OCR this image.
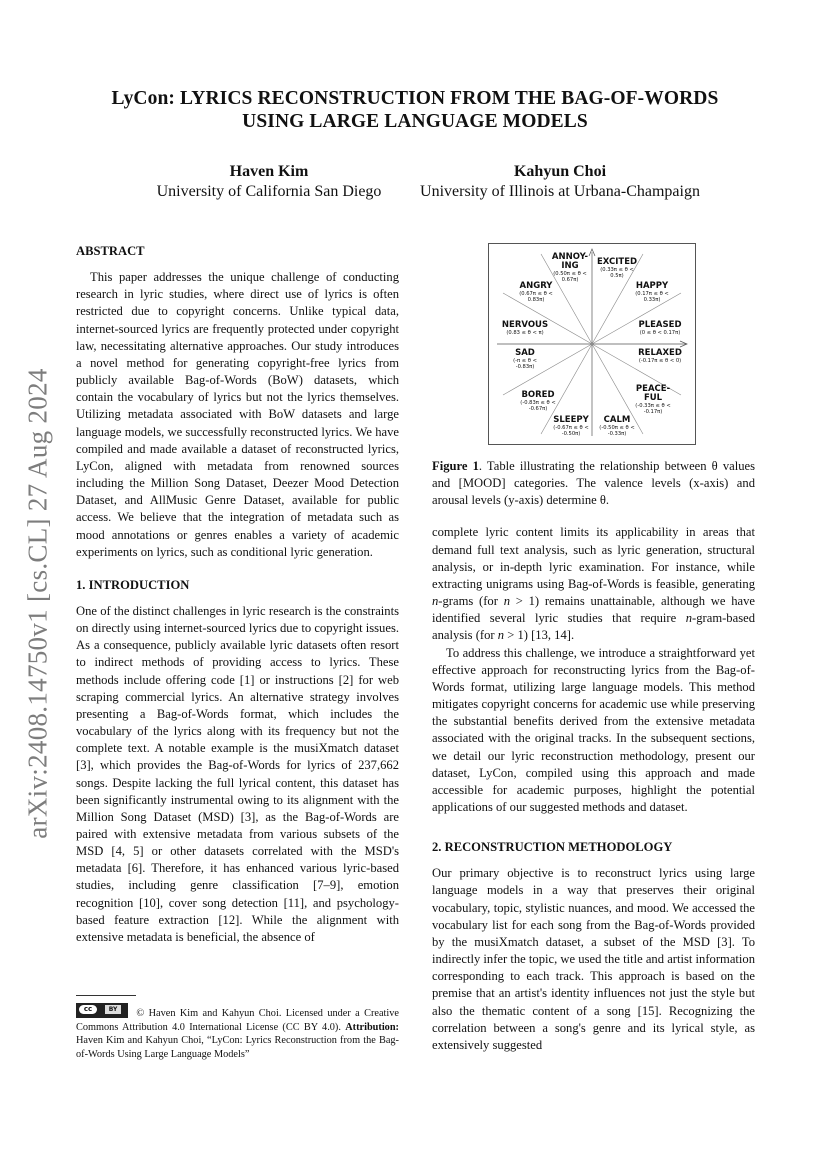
arXiv:2408.14750v1 [cs.CL] 27 Aug 2024
LyCon: LYRICS RECONSTRUCTION FROM THE BAG-OF-WORDS
USING LARGE LANGUAGE MODELS
Haven Kim
University of California San Diego
Kahyun Choi
University of Illinois at Urbana-Champaign

ABSTRACT

This paper addresses the unique challenge of conducting research in lyric studies, where direct use of lyrics is often restricted due to copyright concerns. Unlike typical data, internet-sourced lyrics are frequently protected under copyright law, necessitating alternative approaches. Our study introduces a novel method for generating copyright-free lyrics from publicly available Bag-of-Words (BoW) datasets, which contain the vocabulary of lyrics but not the lyrics themselves. Utilizing metadata associated with BoW datasets and large language models, we successfully reconstructed lyrics. We have compiled and made available a dataset of reconstructed lyrics, LyCon, aligned with metadata from renowned sources including the Million Song Dataset, Deezer Mood Detection Dataset, and AllMusic Genre Dataset, available for public access. We believe that the integration of metadata such as mood annotations or genres enables a variety of academic experiments on lyrics, such as conditional lyric generation.

1. INTRODUCTION

One of the distinct challenges in lyric research is the constraints on directly using internet-sourced lyrics due to copyright issues. As a consequence, publicly available lyric datasets often resort to indirect methods of providing access to lyrics. These methods include offering code [1] or instructions [2] for web scraping commercial lyrics. An alternative strategy involves presenting a Bag-of-Words format, which includes the vocabulary of the lyrics along with its frequency but not the complete text. A notable example is the musiXmatch dataset [3], which provides the Bag-of-Words for lyrics of 237,662 songs. Despite lacking the full lyrical content, this dataset has been significantly instrumental owing to its alignment with the Million Song Dataset (MSD) [3], as the Bag-of-Words are paired with extensive metadata from various subsets of the MSD [4, 5] or other datasets correlated with the MSD's metadata [6]. Therefore, it has enhanced various lyric-based studies, including genre classification [7–9], emotion recognition [10], cover song detection [11], and psychology-based feature extraction [12]. While the alignment with extensive metadata is beneficial, the absence of

cc	BY	© Haven Kim and Kahyun Choi. Licensed under a Creative Commons Attribution 4.0 International License (CC BY 4.0). Attribution: Haven Kim and Kahyun Choi, “LyCon: Lyrics Reconstruction from the Bag-of-Words Using Large Language Models”
ANNOY-
ING
(0.50π ≤ θ <
0.67π)
EXCITED
(0.33π ≤ θ <
0.5π)
ANGRY
(0.67π ≤ θ <
0.83π)
HAPPY
(0.17π ≤ θ <
0.33π)
NERVOUS
(0.83 ≤ θ < π)
PLEASED
(0 ≤ θ < 0.17π)
SAD
(-π ≤ θ <
-0.83π)
RELAXED
(-0.17π ≤ θ < 0)
BORED
(-0.83π ≤ θ <
-0.67π)
PEACE-
FUL
(-0.33π ≤ θ <
-0.17π)
SLEEPY
(-0.67π ≤ θ <
-0.50π)
CALM
(-0.50π ≤ θ <
-0.33π)

Figure 1. Table illustrating the relationship between θ values and [MOOD] categories. The valence levels (x-axis) and arousal levels (y-axis) determine θ.

complete lyric content limits its applicability in areas that demand full text analysis, such as lyric generation, structural analysis, or in-depth lyric examination. For instance, while extracting unigrams using Bag-of-Words is feasible, generating n-grams (for n > 1) remains unattainable, although we have identified several lyric studies that require n-gram-based analysis (for n > 1) [13, 14].

To address this challenge, we introduce a straightforward yet effective approach for reconstructing lyrics from the Bag-of-Words format, utilizing large language models. This method mitigates copyright concerns for academic use while preserving the substantial benefits derived from the extensive metadata associated with the original tracks. In the subsequent sections, we detail our lyric reconstruction methodology, present our dataset, LyCon, compiled using this approach and made accessible for academic purposes, highlight the potential applications of our suggested methods and dataset.

2. RECONSTRUCTION METHODOLOGY

Our primary objective is to reconstruct lyrics using large language models in a way that preserves their original vocabulary, topic, stylistic nuances, and mood. We accessed the vocabulary list for each song from the Bag-of-Words provided by the musiXmatch dataset, a subset of the MSD [3]. To indirectly infer the topic, we used the title and artist information corresponding to each track. This approach is based on the premise that an artist's identity influences not just the style but also the thematic content of a song [15]. Recognizing the correlation between a song's genre and its lyrical style, as extensively suggested
